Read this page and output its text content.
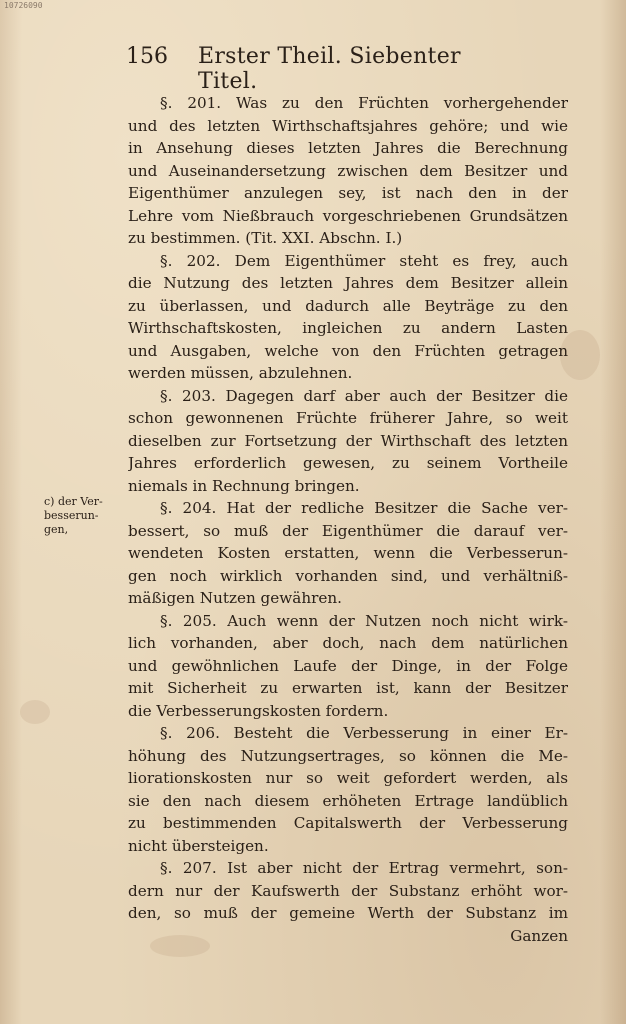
10726090
156 Erster Theil. Siebenter Titel.
c) der Ver-
besserun-
gen,
§. 201. Was zu den Früchten vorhergehender
und des letzten Wirthschaftsjahres gehöre; und wie
in Ansehung dieses letzten Jahres die Berechnung
und Auseinandersetzung zwischen dem Besitzer und
Eigenthümer anzulegen sey, ist nach den in der
Lehre vom Nießbrauch vorgeschriebenen Grundsätzen
zu bestimmen. (Tit. XXI. Abschn. I.)
§. 202. Dem Eigenthümer steht es frey, auch
die Nutzung des letzten Jahres dem Besitzer allein
zu überlassen, und dadurch alle Beyträge zu den
Wirthschaftskosten, ingleichen zu andern Lasten
und Ausgaben, welche von den Früchten getragen
werden müssen, abzulehnen.
§. 203. Dagegen darf aber auch der Besitzer die
schon gewonnenen Früchte früherer Jahre, so weit
dieselben zur Fortsetzung der Wirthschaft des letzten
Jahres erforderlich gewesen, zu seinem Vortheile
niemals in Rechnung bringen.
§. 204. Hat der redliche Besitzer die Sache ver-
bessert, so muß der Eigenthümer die darauf ver-
wendeten Kosten erstatten, wenn die Verbesserun-
gen noch wirklich vorhanden sind, und verhältniß-
mäßigen Nutzen gewähren.
§. 205. Auch wenn der Nutzen noch nicht wirk-
lich vorhanden, aber doch, nach dem natürlichen
und gewöhnlichen Laufe der Dinge, in der Folge
mit Sicherheit zu erwarten ist, kann der Besitzer
die Verbesserungskosten fordern.
§. 206. Besteht die Verbesserung in einer Er-
höhung des Nutzungsertrages, so können die Me-
liorationskosten nur so weit gefordert werden, als
sie den nach diesem erhöheten Ertrage landüblich
zu bestimmenden Capitalswerth der Verbesserung
nicht übersteigen.
§. 207. Ist aber nicht der Ertrag vermehrt, son-
dern nur der Kaufswerth der Substanz erhöht wor-
den, so muß der gemeine Werth der Substanz im
Ganzen
